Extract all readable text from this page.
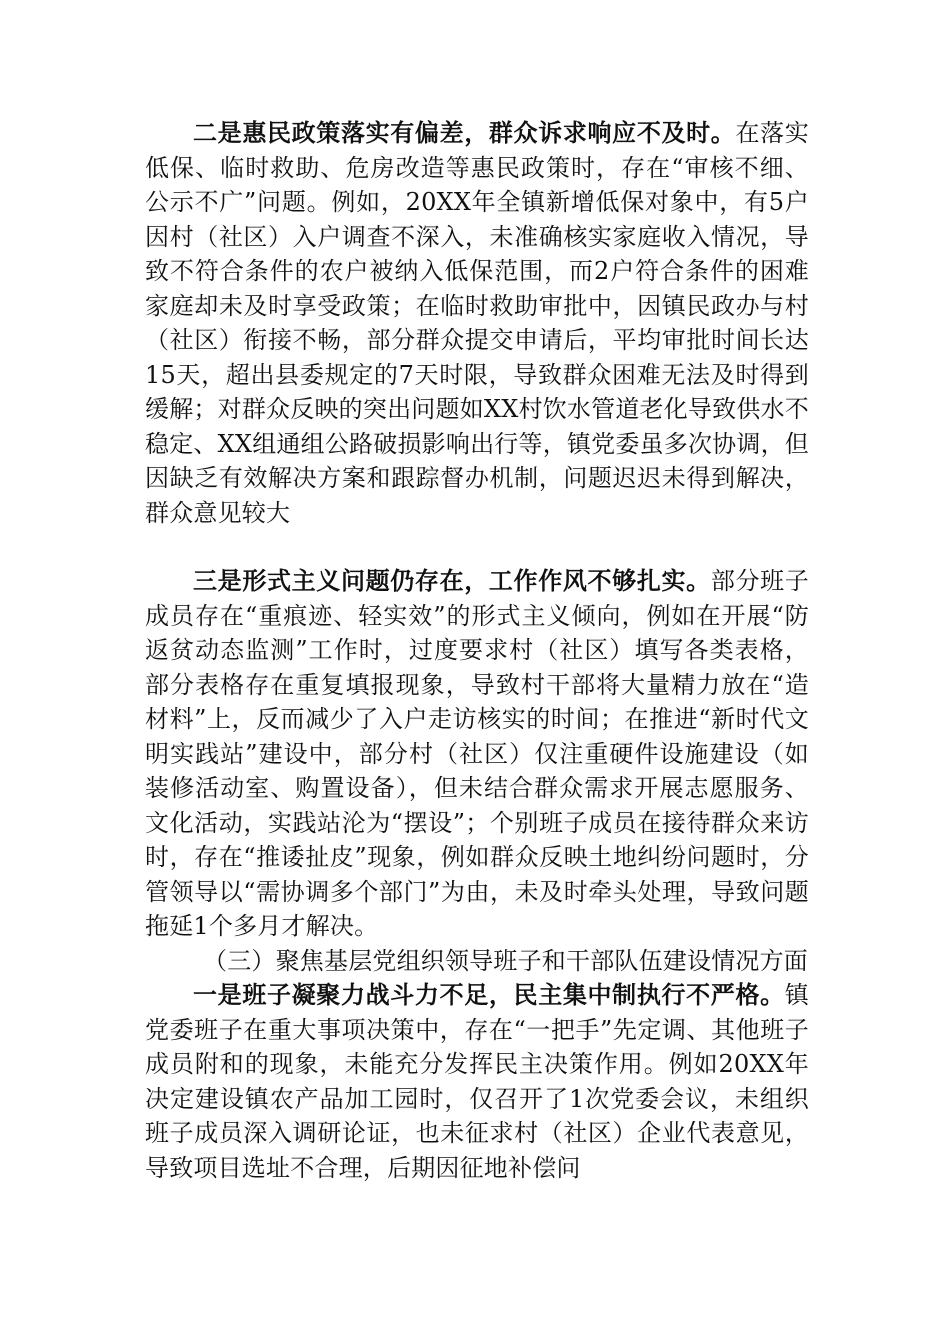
二是惠民政策落实有偏差，群众诉求响应不及时。在落实低保、临时救助、危房改造等惠民政策时，存在“审核不细、公示不广”问题。例如，20XX年全镇新增低保对象中，有5户因村（社区）入户调查不深入，未准确核实家庭收入情况，导致不符合条件的农户被纳入低保范围，而2户符合条件的困难家庭却未及时享受政策；在临时救助审批中，因镇民政办与村（社区）衔接不畅，部分群众提交申请后，平均审批时间长达15天，超出县委规定的7天时限，导致群众困难无法及时得到缓解；对群众反映的突出问题如XX村饮水管道老化导致供水不稳定、XX组通组公路破损影响出行等，镇党委虽多次协调，但因缺乏有效解决方案和跟踪督办机制，问题迟迟未得到解决，群众意见较大

三是形式主义问题仍存在，工作作风不够扎实。部分班子成员存在“重痕迹、轻实效”的形式主义倾向，例如在开展“防返贫动态监测”工作时，过度要求村（社区）填写各类表格，部分表格存在重复填报现象，导致村干部将大量精力放在“造材料”上，反而减少了入户走访核实的时间；在推进“新时代文明实践站”建设中，部分村（社区）仅注重硬件设施建设（如装修活动室、购置设备），但未结合群众需求开展志愿服务、文化活动，实践站沦为“摆设”；个别班子成员在接待群众来访时，存在“推诿扯皮”现象，例如群众反映土地纠纷问题时，分管领导以“需协调多个部门”为由，未及时牵头处理，导致问题拖延1个多月才解决。

（三）聚焦基层党组织领导班子和干部队伍建设情况方面

一是班子凝聚力战斗力不足，民主集中制执行不严格。镇党委班子在重大事项决策中，存在“一把手”先定调、其他班子成员附和的现象，未能充分发挥民主决策作用。例如20XX年决定建设镇农产品加工园时，仅召开了1次党委会议，未组织班子成员深入调研论证，也未征求村（社区）企业代表意见，导致项目选址不合理，后期因征地补偿问
